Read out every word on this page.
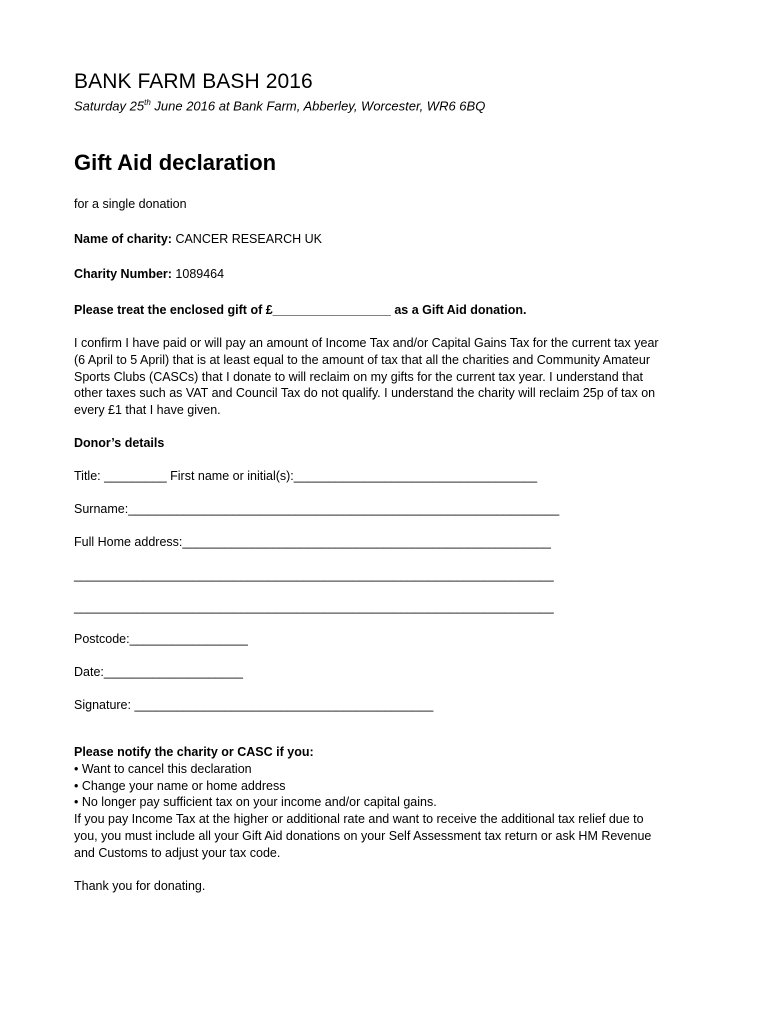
BANK FARM BASH 2016
Saturday 25th June 2016 at Bank Farm, Abberley, Worcester, WR6 6BQ
Gift Aid declaration
for a single donation
Name of charity: CANCER RESEARCH UK
Charity Number: 1089464
Please treat the enclosed gift of £_________________ as a Gift Aid donation.
I confirm I have paid or will pay an amount of Income Tax and/or Capital Gains Tax for the current tax year
(6 April to 5 April) that is at least equal to the amount of tax that all the charities and Community Amateur
Sports Clubs (CASCs) that I donate to will reclaim on my gifts for the current tax year. I understand that
other taxes such as VAT and Council Tax do not qualify. I understand the charity will reclaim 25p of tax on
every £1 that I have given.
Donor’s details
Title: _________ First name or initial(s):___________________________________
Surname:______________________________________________________________
Full Home address:_____________________________________________________
_____________________________________________________________________
_____________________________________________________________________
Postcode:_________________
Date:____________________
Signature: ___________________________________________
Please notify the charity or CASC if you:
• Want to cancel this declaration
• Change your name or home address
• No longer pay sufficient tax on your income and/or capital gains.
If you pay Income Tax at the higher or additional rate and want to receive the additional tax relief due to
you, you must include all your Gift Aid donations on your Self Assessment tax return or ask HM Revenue
and Customs to adjust your tax code.
Thank you for donating.
